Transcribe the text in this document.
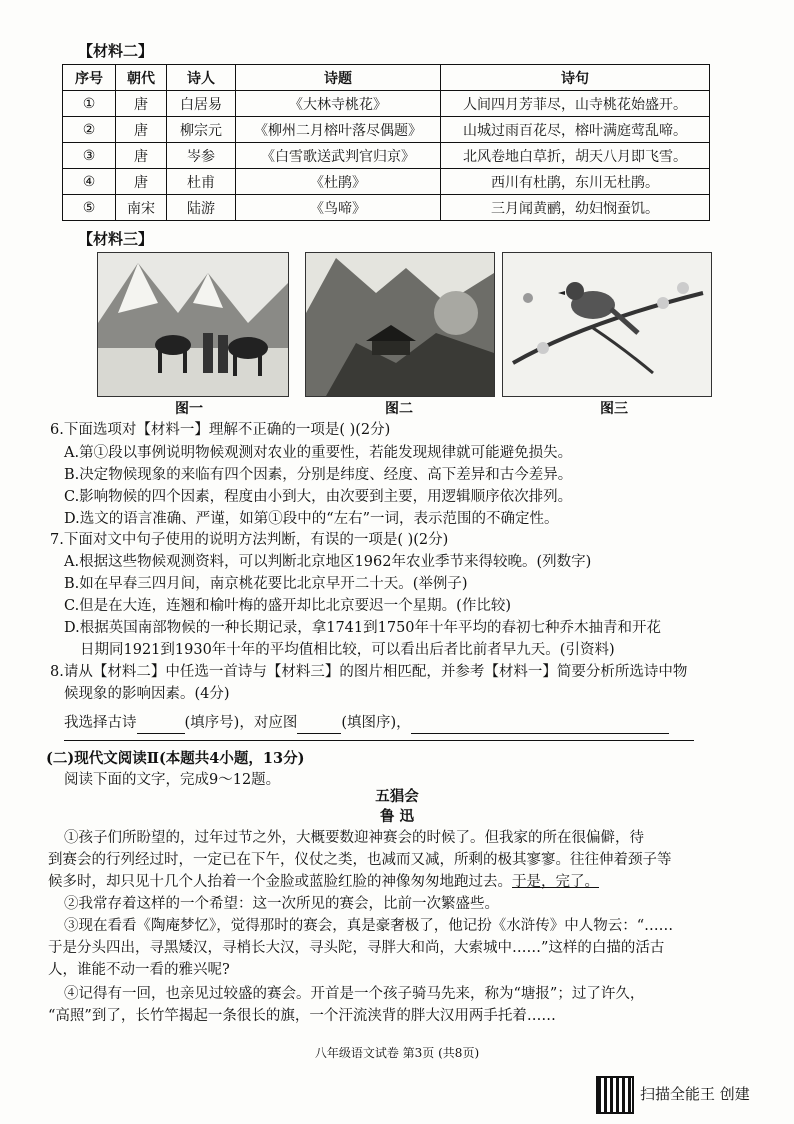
【材料二】
序号	朝代	诗人	诗题	诗句
①	唐	白居易	《大林寺桃花》	人间四月芳菲尽，山寺桃花始盛开。
②	唐	柳宗元	《柳州二月榕叶落尽偶题》	山城过雨百花尽，榕叶满庭莺乱啼。
③	唐	岑参	《白雪歌送武判官归京》	北风卷地白草折，胡天八月即飞雪。
④	唐	杜甫	《杜鹃》	西川有杜鹃，东川无杜鹃。
⑤	南宋	陆游	《鸟啼》	三月闻黄鹂，幼妇悯蚕饥。
【材料三】
图一	图二	图三
6.下面选项对【材料一】理解不正确的一项是( )(2分)
A.第①段以事例说明物候观测对农业的重要性，若能发现规律就可能避免损失。
B.决定物候现象的来临有四个因素，分别是纬度、经度、高下差异和古今差异。
C.影响物候的四个因素，程度由小到大，由次要到主要，用逻辑顺序依次排列。
D.选文的语言准确、严谨，如第①段中的“左右”一词，表示范围的不确定性。
7.下面对文中句子使用的说明方法判断，有误的一项是( )(2分)
A.根据这些物候观测资料，可以判断北京地区1962年农业季节来得较晚。(列数字)
B.如在早春三四月间，南京桃花要比北京早开二十天。(举例子)
C.但是在大连，连翘和榆叶梅的盛开却比北京要迟一个星期。(作比较)
D.根据英国南部物候的一种长期记录，拿1741到1750年十年平均的春初七种乔木抽青和开花
日期同1921到1930年十年的平均值相比较，可以看出后者比前者早九天。(引资料)
8.请从【材料二】中任选一首诗与【材料三】的图片相匹配，并参考【材料一】简要分析所选诗中物
候现象的影响因素。(4分)
我选择古诗	(填序号)，对应图	(填图序)，
(二)现代文阅读Ⅱ(本题共4小题，13分)
阅读下面的文字，完成9～12题。
五猖会
鲁 迅
①孩子们所盼望的，过年过节之外，大概要数迎神赛会的时候了。但我家的所在很偏僻，待
到赛会的行列经过时，一定已在下午，仪仗之类，也减而又减，所剩的极其寥寥。往往伸着颈子等
候多时，却只见十几个人抬着一个金脸或蓝脸红脸的神像匆匆地跑过去。于是，完了。
②我常存着这样的一个希望：这一次所见的赛会，比前一次繁盛些。
③现在看看《陶庵梦忆》，觉得那时的赛会，真是豪奢极了，他记扮《水浒传》中人物云：“……
于是分头四出，寻黑矮汉，寻梢长大汉，寻头陀，寻胖大和尚，大索城中……”这样的白描的活古
人，谁能不动一看的雅兴呢?
④记得有一回，也亲见过较盛的赛会。开首是一个孩子骑马先来，称为“塘报”；过了许久，
“高照”到了，长竹竿揭起一条很长的旗，一个汗流浃背的胖大汉用两手托着……
八年级语文试卷 第3页 (共8页)
扫描全能王 创建
